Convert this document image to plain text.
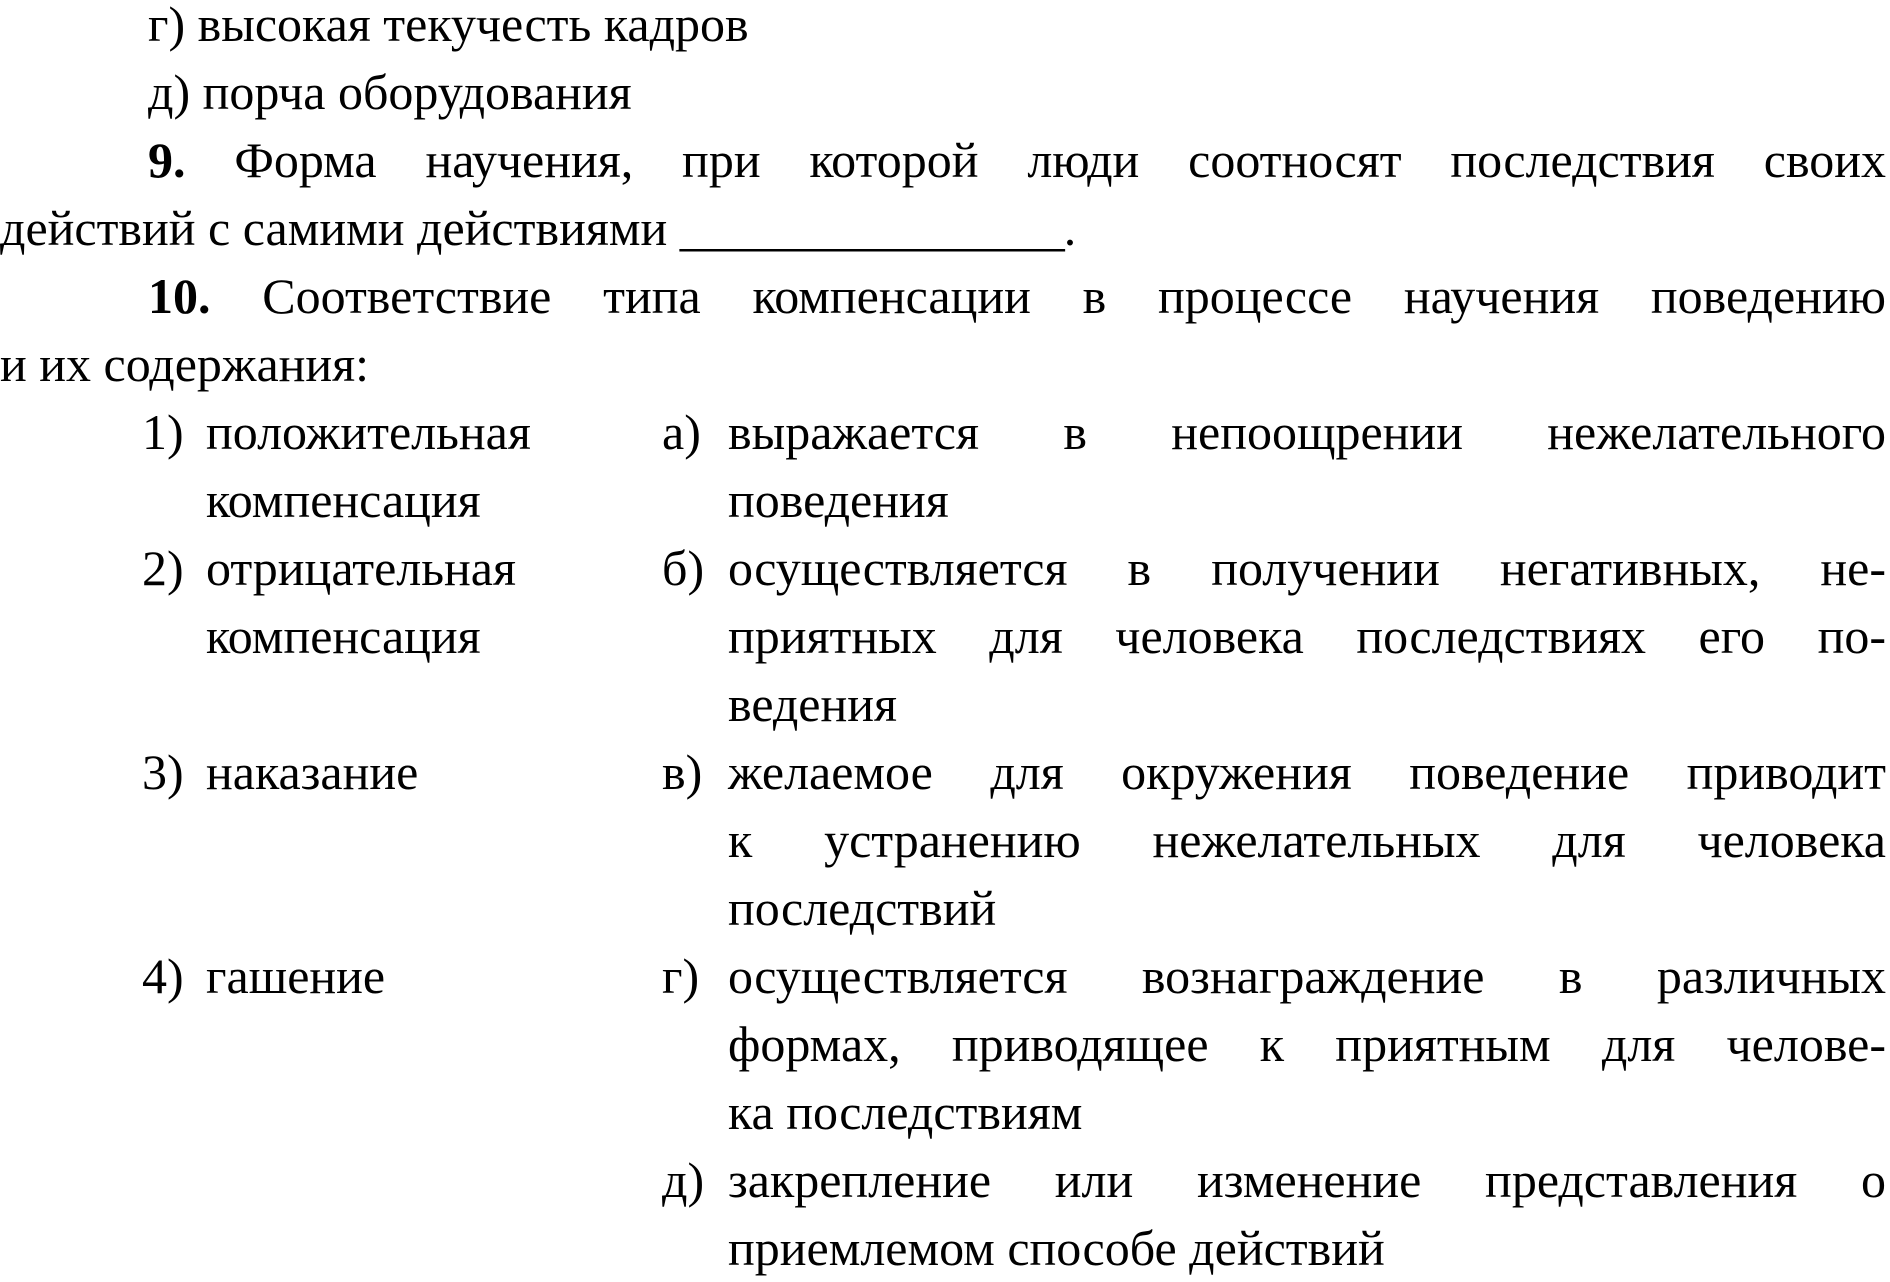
г) высокая текучесть кадров
д) порча оборудования
9. Форма научения, при которой люди соотносят последствия своих
действий с самими действиями ________________.
10. Соответствие типа компенсации в процессе научения поведению
и их содержания:
1) положительная
компенсация
2) отрицательная
компенсация
3) наказание
4) гашение
а) выражается в непоощрении нежелательного
поведения
б) осуществляется в получении негативных, не-
приятных для человека последствиях его по-
ведения
в) желаемое для окружения поведение приводит
к устранению нежелательных для человека
последствий
г) осуществляется вознаграждение в различных
формах, приводящее к приятным для челове-
ка последствиям
д) закрепление или изменение представления о
приемлемом способе действий
